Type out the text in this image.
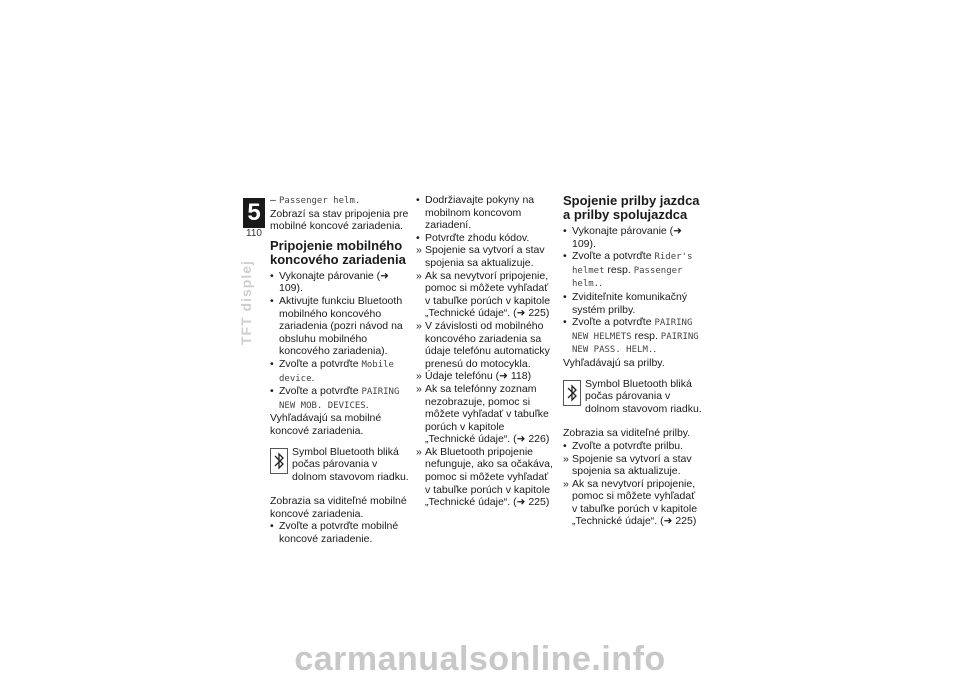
5
110
TFT displej
– Passenger helm.

Zobrazí sa stav pripojenia pre mobilné koncové zariadenia.

Pripojenie mobilného koncového zariadenia
• Vykonajte párovanie (➜ 109).
• Aktivujte funkciu Bluetooth mobilného koncového zariadenia (pozri návod na obsluhu mobilného koncového zariadenia).
• Zvoľte a potvrďte Mobile device.
• Zvoľte a potvrďte PAIRING NEW MOB. DEVICES.

Vyhľadávajú sa mobilné koncové zariadenia.

Symbol Bluetooth bliká počas párovania v dolnom stavovom riadku.

Zobrazia sa viditeľné mobilné koncové zariadenia.

• Zvoľte a potvrďte mobilné koncové zariadenie.
• Dodržiavajte pokyny na mobilnom koncovom zariadení.
• Potvrďte zhodu kódov.
» Spojenie sa vytvorí a stav spojenia sa aktualizuje.
» Ak sa nevytvorí pripojenie, pomoc si môžete vyhľadať v tabuľke porúch v kapitole „Technické údaje“. (➜ 225)
» V závislosti od mobilného koncového zariadenia sa údaje telefónu automaticky prenesú do motocykla.
» Údaje telefónu (➜ 118)
» Ak sa telefónny zoznam nezobrazuje, pomoc si môžete vyhľadať v tabuľke porúch v kapitole „Technické údaje“. (➜ 226)
» Ak Bluetooth pripojenie nefunguje, ako sa očakáva, pomoc si môžete vyhľadať v tabuľke porúch v kapitole „Technické údaje“. (➜ 225)
Spojenie prilby jazdca a prilby spolujazdca
• Vykonajte párovanie (➜ 109).
• Zvoľte a potvrďte Rider's helmet resp. Passenger helm..
• Zviditeľnite komunikačný systém prilby.
• Zvoľte a potvrďte PAIRING NEW HELMETS resp. PAIRING NEW PASS. HELM..

Vyhľadávajú sa prilby.

Symbol Bluetooth bliká počas párovania v dolnom stavovom riadku.

Zobrazia sa viditeľné prilby.

• Zvoľte a potvrďte prilbu.
» Spojenie sa vytvorí a stav spojenia sa aktualizuje.
» Ak sa nevytvorí pripojenie, pomoc si môžete vyhľadať v tabuľke porúch v kapitole „Technické údaje“. (➜ 225)
carmanualsonline.info
